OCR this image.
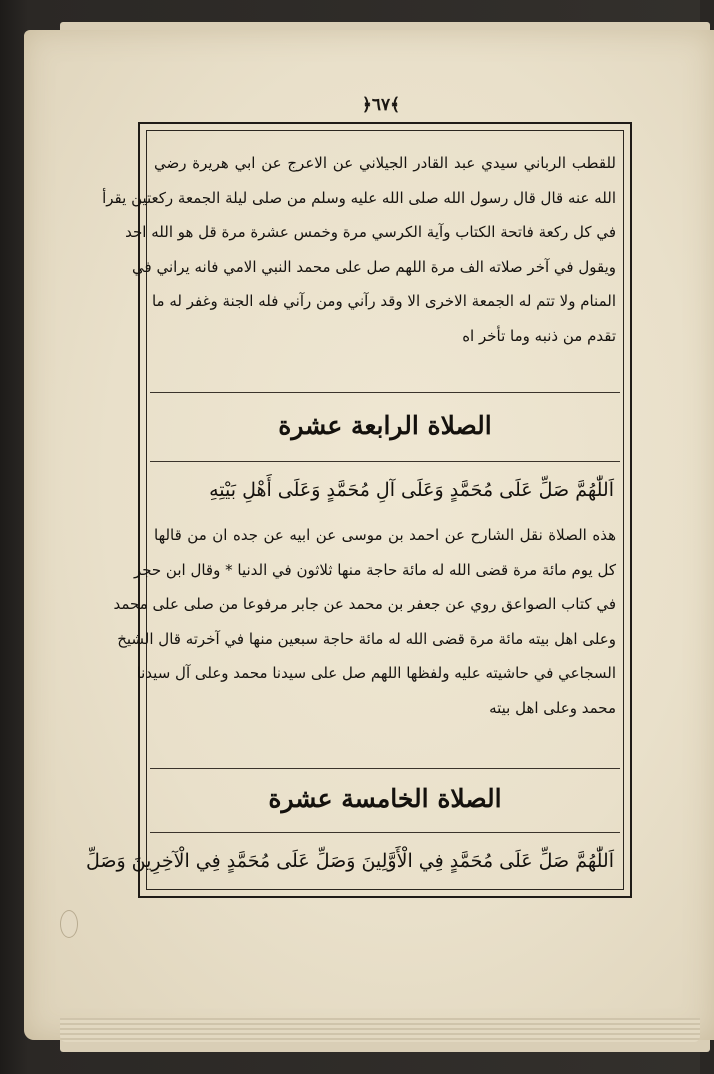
﴿٦٧﴾
للقطب الرباني سيدي عبد القادر الجيلاني عن الاعرج عن ابي هريرة رضي
الله عنه قال قال رسول الله صلى الله عليه وسلم من صلى ليلة الجمعة ركعتين يقرأ
في كل ركعة فاتحة الكتاب وآية الكرسي مرة وخمس عشرة مرة قل هو الله احد
ويقول في آخر صلاته الف مرة اللهم صل على محمد النبي الامي فانه يراني في
المنام ولا تتم له الجمعة الاخرى الا وقد رآني ومن رآني فله الجنة وغفر له ما
تقدم من ذنبه وما تأخر اه
الصلاة الرابعة عشرة
اَللّٰهُمَّ صَلِّ عَلَى مُحَمَّدٍ وَعَلَى آلِ مُحَمَّدٍ وَعَلَى أَهْلِ بَيْتِهِ
هذه الصلاة نقل الشارح عن احمد بن موسى عن ابيه عن جده ان من قالها
كل يوم مائة مرة قضى الله له مائة حاجة منها ثلاثون في الدنيا * وقال ابن حجر
في كتاب الصواعق روي عن جعفر بن محمد عن جابر مرفوعا من صلى على محمد
وعلى اهل بيته مائة مرة قضى الله له مائة حاجة سبعين منها في آخرته قال الشيخ
السجاعي في حاشيته عليه ولفظها اللهم صل على سيدنا محمد وعلى آل سيدنا
محمد وعلى اهل بيته
الصلاة الخامسة عشرة
اَللّٰهُمَّ صَلِّ عَلَى مُحَمَّدٍ فِي الْأَوَّلِينَ وَصَلِّ عَلَى مُحَمَّدٍ فِي الْآخِرِينَ وَصَلِّ
